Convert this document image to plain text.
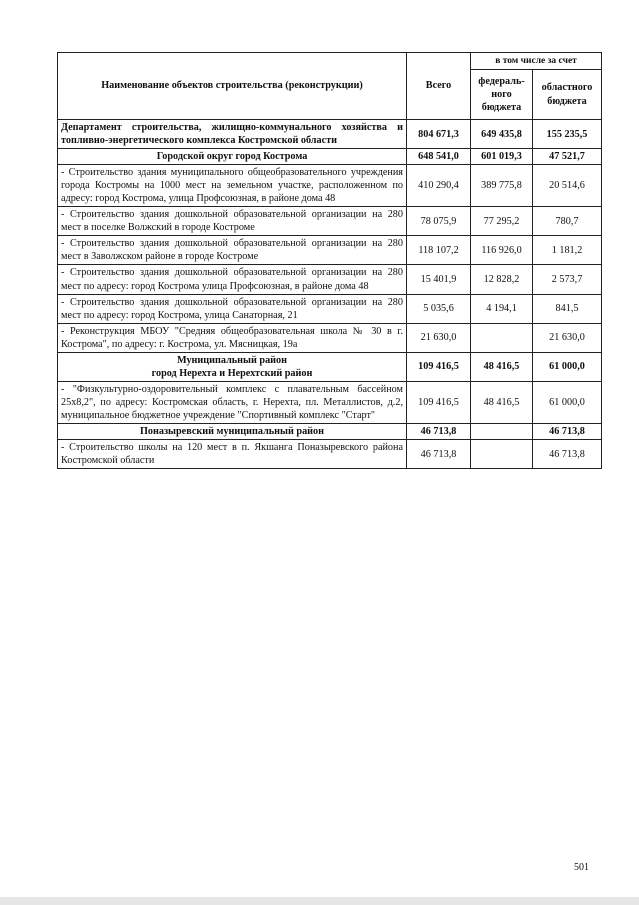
Наименование объектов строительства (реконструкции)	Всего	в том числе за счет	
		федераль-ного бюджета	областного бюджета
Департамент строительства, жилищно-коммунального хозяйства и топливно-энергетического комплекса Костромской области	804 671,3	649 435,8	155 235,5
Городской округ город Кострома	648 541,0	601 019,3	47 521,7
- Строительство здания муниципального общеобразовательного учреждения города Костромы на 1000 мест на земельном участке, расположенном по адресу: город Кострома, улица Профсоюзная, в районе дома 48	410 290,4	389 775,8	20 514,6
- Строительство здания дошкольной образовательной организации на 280 мест в поселке Волжский в городе Костроме	78 075,9	77 295,2	780,7
- Строительство здания дошкольной образовательной организации на 280 мест в Заволжском районе в городе Костроме	118 107,2	116 926,0	1 181,2
- Строительство здания дошкольной образовательной организации на 280 мест по адресу: город Кострома улица Профсоюзная, в районе дома 48	15 401,9	12 828,2	2 573,7
- Строительство здания дошкольной образовательной организации на 280 мест по адресу: город Кострома, улица Санаторная, 21	5 035,6	4 194,1	841,5
- Реконструкция МБОУ "Средняя общеобразовательная школа № 30 в г. Кострома", по адресу: г. Кострома, ул. Мясницкая, 19а	21 630,0		21 630,0
Муниципальный район
город Нерехта и Нерехтский район	109 416,5	48 416,5	61 000,0
- "Физкультурно-оздоровительный комплекс с плавательным бассейном 25х8,2", по адресу: Костромская область, г. Нерехта, пл. Металлистов, д.2, муниципальное бюджетное учреждение "Спортивный комплекс "Старт"	109 416,5	48 416,5	61 000,0
Поназыревский муниципальный район	46 713,8		46 713,8
- Строительство школы на 120 мест в п. Якшанга Поназыревского района Костромской области	46 713,8		46 713,8
501
